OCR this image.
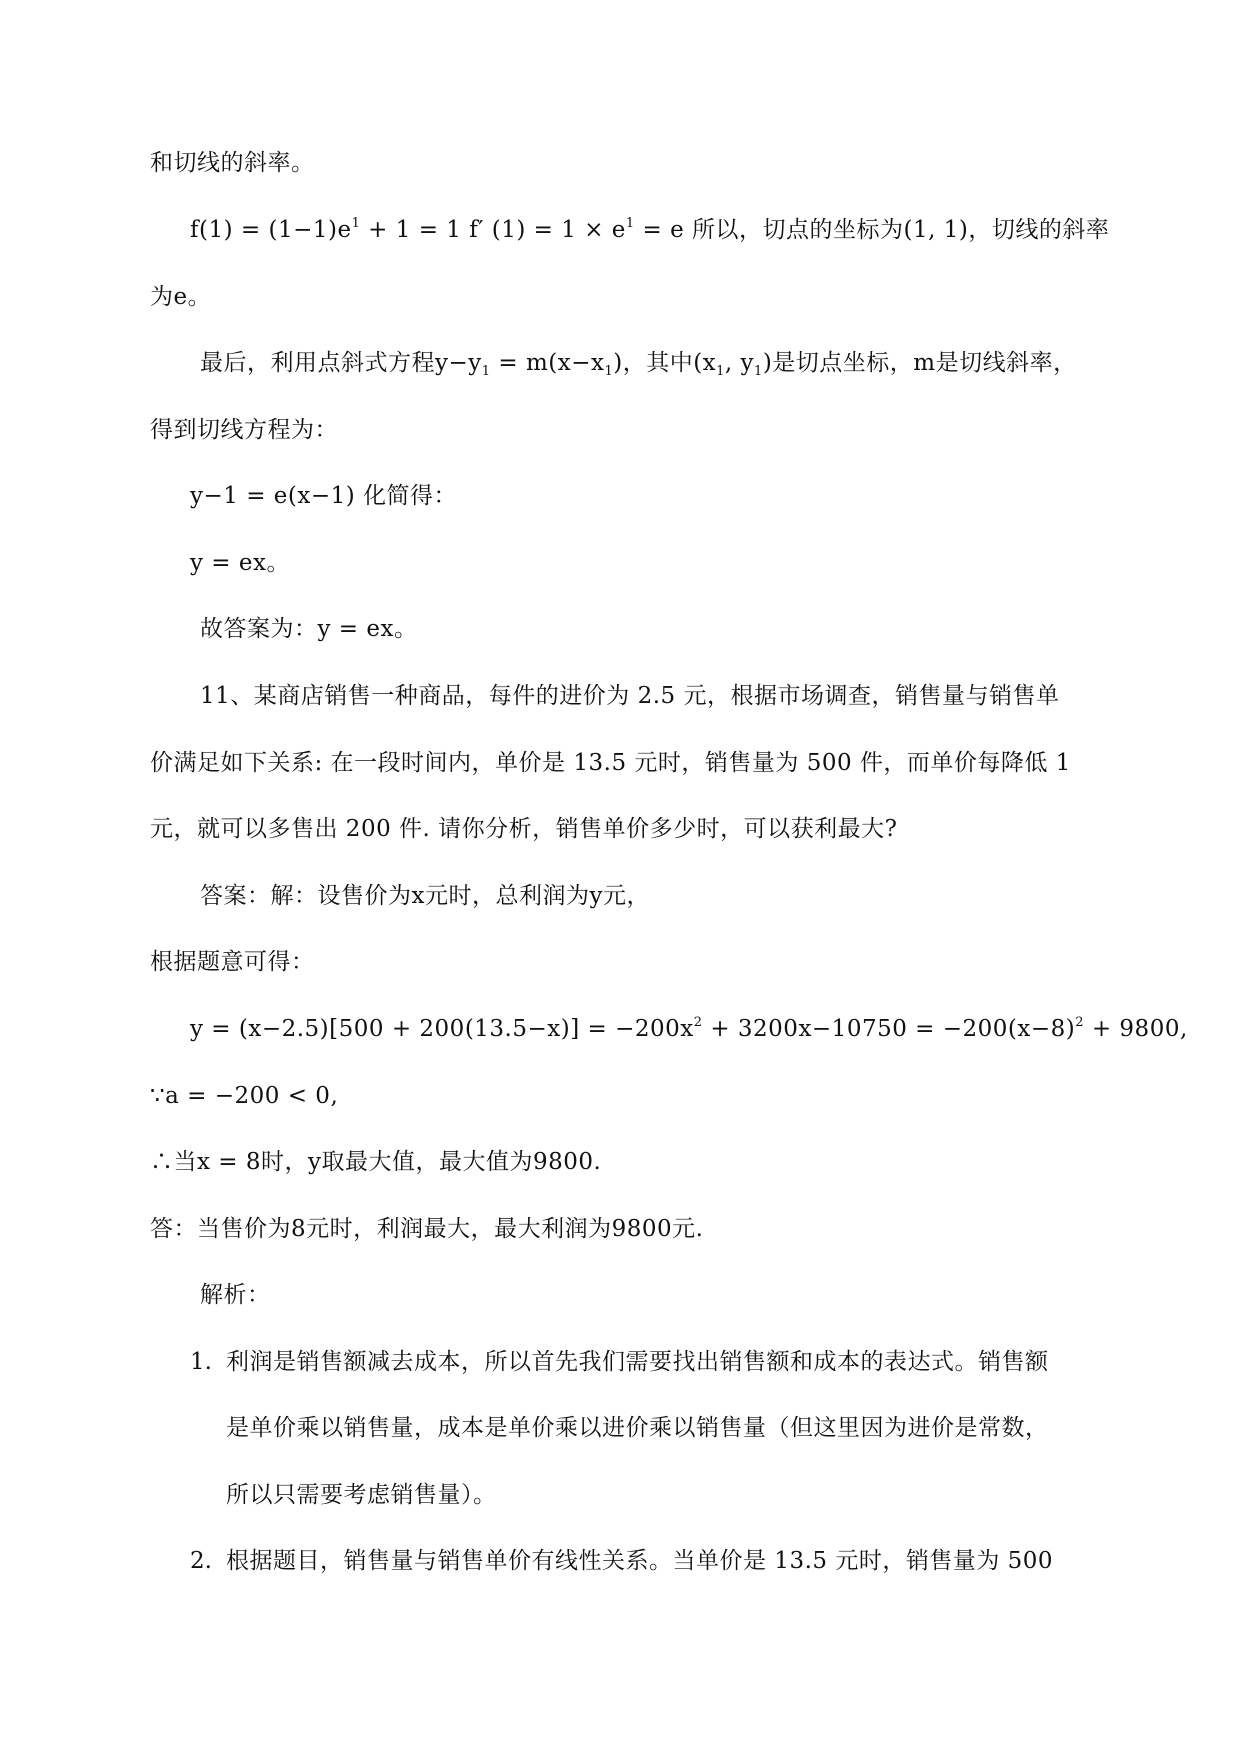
和切线的斜率。
$f(1) = (1-1)e^1 + 1 = 1$ f′ $(1) = 1 \times e^1 = e$ 所以，切点的坐标为(1, 1)，切线的斜率
为e。
最后，利用点斜式方程$y-y_1 = m(x-x_1)$，其中($x_1$, $y_1$)是切点坐标，m是切线斜率，
得到切线方程为：
y−1 = e(x−1) 化简得：
y = ex。
故答案为：y = ex。
11、某商店销售一种商品，每件的进价为 2.5 元，根据市场调查，销售量与销售单
价满足如下关系: 在一段时间内，单价是 13.5 元时，销售量为 500 件，而单价每降低 1
元，就可以多售出 200 件. 请你分析，销售单价多少时，可以获利最大?
答案：解：设售价为x元时，总利润为y元，
根据题意可得：
$y = (x-2.5)[500 + 200(13.5-x)] = -200x^2 + 3200x-10750 = -200(x-8)^2 + 9800$,
∵a = −200 < 0,
∴当x = 8时，y取最大值，最大值为9800.
答：当售价为8元时，利润最大，最大利润为9800元.
解析：
1. 利润是销售额减去成本，所以首先我们需要找出销售额和成本的表达式。销售额
是单价乘以销售量，成本是单价乘以进价乘以销售量（但这里因为进价是常数，
所以只需要考虑销售量）。
2. 根据题目，销售量与销售单价有线性关系。当单价是 13.5 元时，销售量为 500
